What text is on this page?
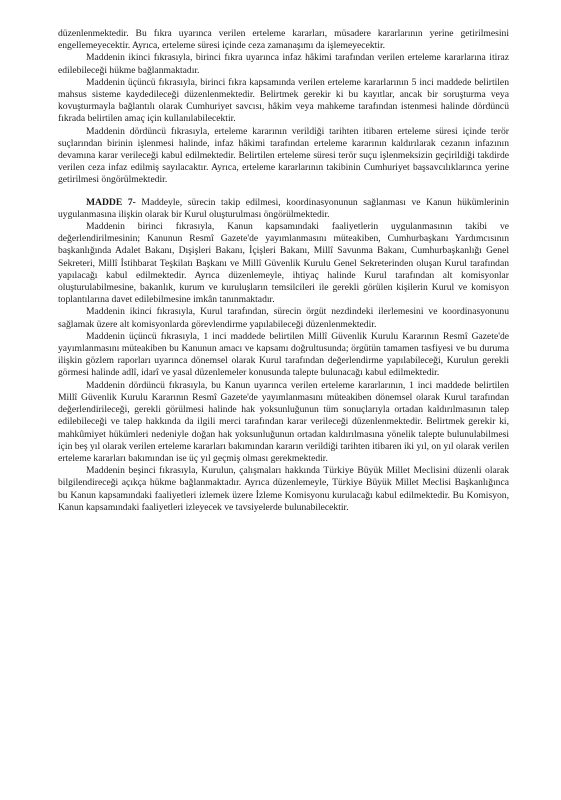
düzenlenmektedir. Bu fıkra uyarınca verilen erteleme kararları, müsadere kararlarının yerine getirilmesini engellemeyecektir. Ayrıca, erteleme süresi içinde ceza zamanaşımı da işlemeyecektir.

Maddenin ikinci fıkrasıyla, birinci fıkra uyarınca infaz hâkimi tarafından verilen erteleme kararlarına itiraz edilebileceği hükme bağlanmaktadır.

Maddenin üçüncü fıkrasıyla, birinci fıkra kapsamında verilen erteleme kararlarının 5 inci maddede belirtilen mahsus sisteme kaydedileceği düzenlenmektedir. Belirtmek gerekir ki bu kayıtlar, ancak bir soruşturma veya kovuşturmayla bağlantılı olarak Cumhuriyet savcısı, hâkim veya mahkeme tarafından istenmesi halinde dördüncü fıkrada belirtilen amaç için kullanılabilecektir.

Maddenin dördüncü fıkrasıyla, erteleme kararının verildiği tarihten itibaren erteleme süresi içinde terör suçlarından birinin işlenmesi halinde, infaz hâkimi tarafından erteleme kararının kaldırılarak cezanın infazının devamına karar verileceği kabul edilmektedir. Belirtilen erteleme süresi terör suçu işlenmeksizin geçirildiği takdirde verilen ceza infaz edilmiş sayılacaktır. Ayrıca, erteleme kararlarının takibinin Cumhuriyet başsavcılıklarınca yerine getirilmesi öngörülmektedir.

MADDE 7- Maddeyle, sürecin takip edilmesi, koordinasyonunun sağlanması ve Kanun hükümlerinin uygulanmasına ilişkin olarak bir Kurul oluşturulması öngörülmektedir.

Maddenin birinci fıkrasıyla, Kanun kapsamındaki faaliyetlerin uygulanmasının takibi ve değerlendirilmesinin; Kanunun Resmî Gazete'de yayımlanmasını müteakiben, Cumhurbaşkanı Yardımcısının başkanlığında Adalet Bakanı, Dışişleri Bakanı, İçişleri Bakanı, Millî Savunma Bakanı, Cumhurbaşkanlığı Genel Sekreteri, Millî İstihbarat Teşkilatı Başkanı ve Millî Güvenlik Kurulu Genel Sekreterinden oluşan Kurul tarafından yapılacağı kabul edilmektedir. Ayrıca düzenlemeyle, ihtiyaç halinde Kurul tarafından alt komisyonlar oluşturulabilmesine, bakanlık, kurum ve kuruluşların temsilcileri ile gerekli görülen kişilerin Kurul ve komisyon toplantılarına davet edilebilmesine imkân tanınmaktadır.

Maddenin ikinci fıkrasıyla, Kurul tarafından, sürecin örgüt nezdindeki ilerlemesini ve koordinasyonunu sağlamak üzere alt komisyonlarda görevlendirme yapılabileceği düzenlenmektedir.

Maddenin üçüncü fıkrasıyla, 1 inci maddede belirtilen Millî Güvenlik Kurulu Kararının Resmî Gazete'de yayımlanmasını müteakiben bu Kanunun amacı ve kapsamı doğrultusunda; örgütün tamamen tasfiyesi ve bu duruma ilişkin gözlem raporları uyarınca dönemsel olarak Kurul tarafından değerlendirme yapılabileceği, Kurulun gerekli görmesi halinde adlî, idarî ve yasal düzenlemeler konusunda talepte bulunacağı kabul edilmektedir.

Maddenin dördüncü fıkrasıyla, bu Kanun uyarınca verilen erteleme kararlarının, 1 inci maddede belirtilen Millî Güvenlik Kurulu Kararının Resmî Gazete'de yayımlanmasını müteakiben dönemsel olarak Kurul tarafından değerlendirileceği, gerekli görülmesi halinde hak yoksunluğunun tüm sonuçlarıyla ortadan kaldırılmasının talep edilebileceği ve talep hakkında da ilgili merci tarafından karar verileceği düzenlenmektedir. Belirtmek gerekir ki, mahkûmiyet hükümleri nedeniyle doğan hak yoksunluğunun ortadan kaldırılmasına yönelik talepte bulunulabilmesi için beş yıl olarak verilen erteleme kararları bakımından kararın verildiği tarihten itibaren iki yıl, on yıl olarak verilen erteleme kararları bakımından ise üç yıl geçmiş olması gerekmektedir.

Maddenin beşinci fıkrasıyla, Kurulun, çalışmaları hakkında Türkiye Büyük Millet Meclisini düzenli olarak bilgilendireceği açıkça hükme bağlanmaktadır. Ayrıca düzenlemeyle, Türkiye Büyük Millet Meclisi Başkanlığınca bu Kanun kapsamındaki faaliyetleri izlemek üzere İzleme Komisyonu kurulacağı kabul edilmektedir. Bu Komisyon, Kanun kapsamındaki faaliyetleri izleyecek ve tavsiyelerde bulunabilecektir.
